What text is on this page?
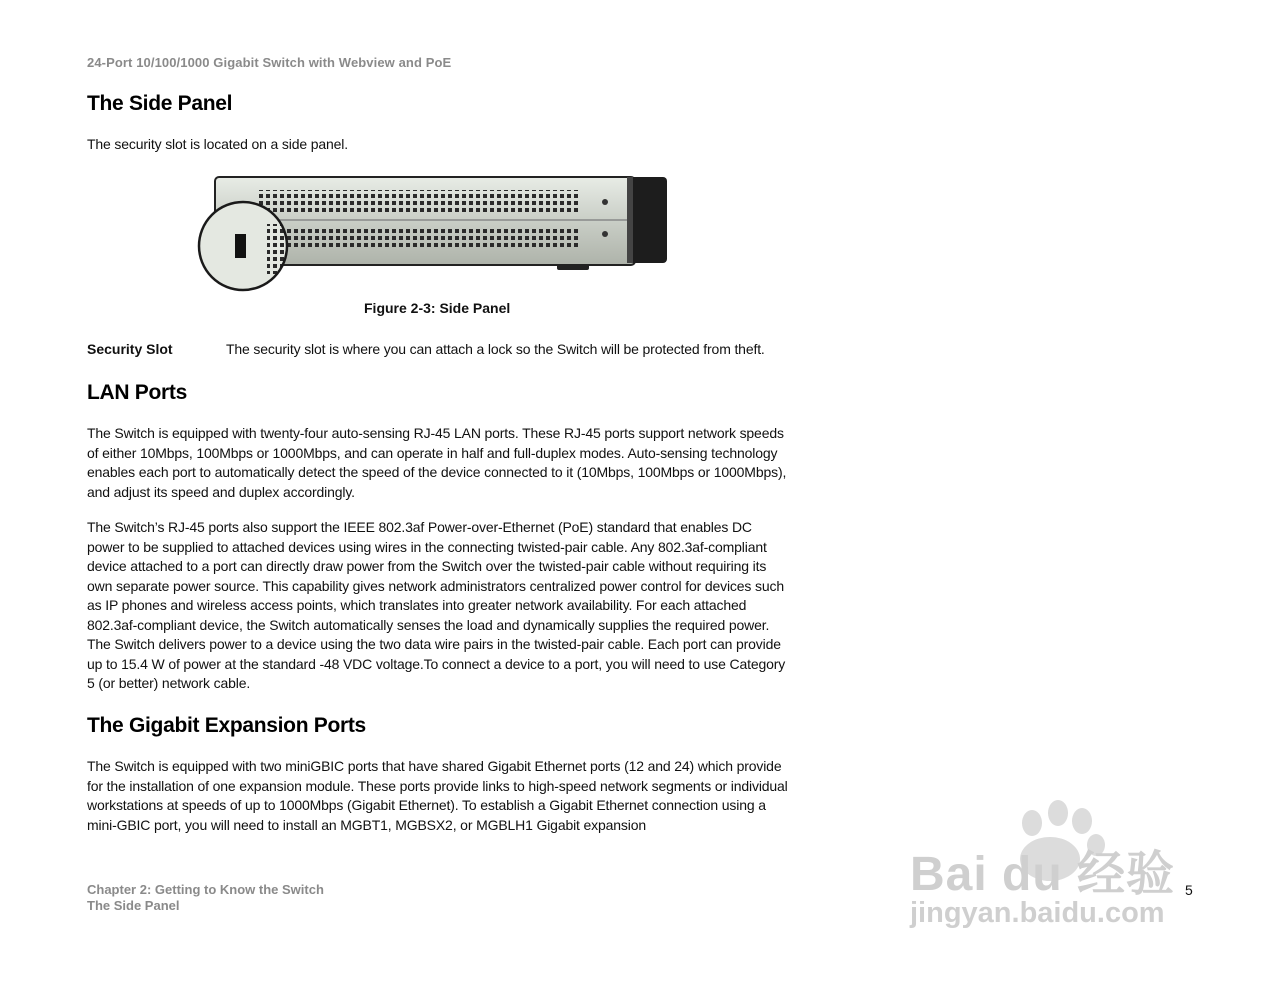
24-Port 10/100/1000 Gigabit Switch with Webview and PoE
The Side Panel
The security slot is located on a side panel.
Figure 2-3: Side Panel
Security Slot	The security slot is where you can attach a lock so the Switch will be protected from theft.
LAN Ports
The Switch is equipped with twenty-four auto-sensing RJ-45 LAN ports. These RJ-45 ports support network speeds of either 10Mbps, 100Mbps or 1000Mbps, and can operate in half and full-duplex modes. Auto-sensing technology enables each port to automatically detect the speed of the device connected to it (10Mbps, 100Mbps or 1000Mbps), and adjust its speed and duplex accordingly.
The Switch’s RJ-45 ports also support the IEEE 802.3af Power-over-Ethernet (PoE) standard that enables DC power to be supplied to attached devices using wires in the connecting twisted-pair cable. Any 802.3af-compliant device attached to a port can directly draw power from the Switch over the twisted-pair cable without requiring its own separate power source. This capability gives network administrators centralized power control for devices such as IP phones and wireless access points, which translates into greater network availability. For each attached 802.3af-compliant device, the Switch automatically senses the load and dynamically supplies the required power. The Switch delivers power to a device using the two data wire pairs in the twisted-pair cable. Each port can provide up to 15.4 W of power at the standard -48 VDC voltage.To connect a device to a port, you will need to use Category 5 (or better) network cable.
The Gigabit Expansion Ports
The Switch is equipped with two miniGBIC ports that have shared Gigabit Ethernet ports (12 and 24) which provide for the installation of one expansion module. These ports provide links to high-speed network segments or individual workstations at speeds of up to 1000Mbps (Gigabit Ethernet). To establish a Gigabit Ethernet connection using a mini-GBIC port, you will need to install an MGBT1, MGBSX2, or MGBLH1 Gigabit expansion
Chapter 2: Getting to Know the Switch
The Side Panel
5
Bai du 经验
jingyan.baidu.com
